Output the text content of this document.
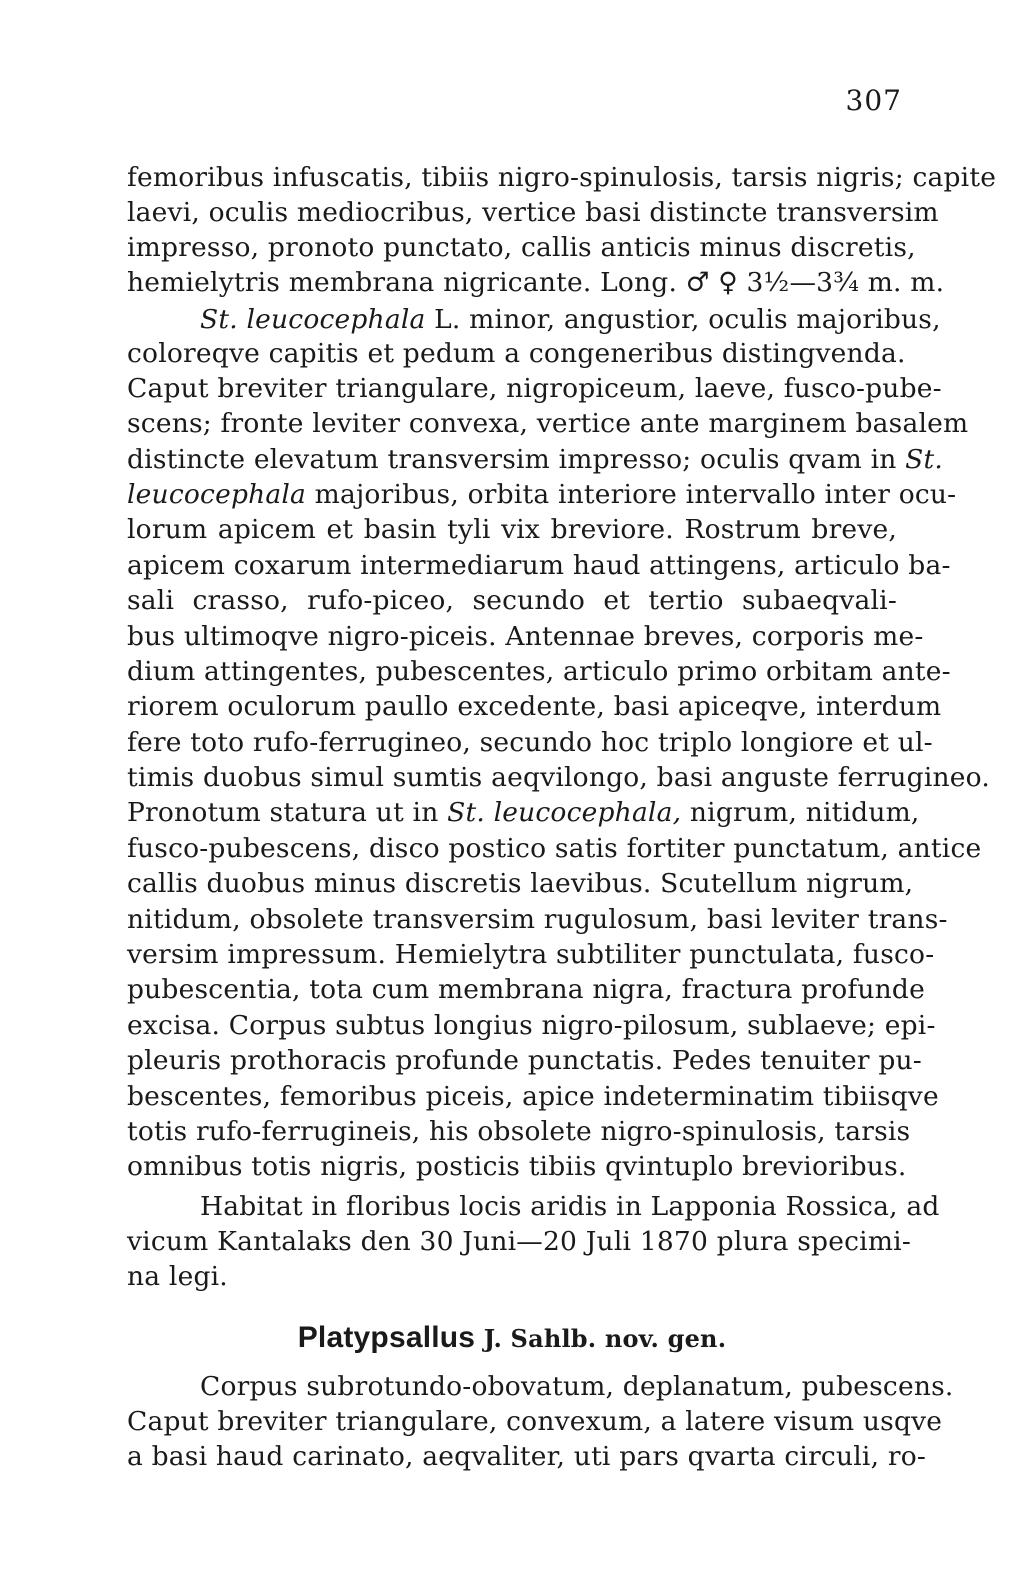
307
femoribus infuscatis, tibiis nigro-spinulosis, tarsis nigris; capite
laevi, oculis mediocribus, vertice basi distincte transversim
impresso, pronoto punctato, callis anticis minus discretis,
hemielytris membrana nigricante. Long. ♂ ♀ 3½—3¾ m. m.
St. leucocephala L. minor, angustior, oculis majoribus,
coloreqve capitis et pedum a congeneribus distingvenda.
Caput breviter triangulare, nigropiceum, laeve, fusco-pube-
scens; fronte leviter convexa, vertice ante marginem basalem
distincte elevatum transversim impresso; oculis qvam in St.
leucocephala majoribus, orbita interiore intervallo inter ocu-
lorum apicem et basin tyli vix breviore. Rostrum breve,
apicem coxarum intermediarum haud attingens, articulo ba-
sali crasso, rufo-piceo, secundo et tertio subaeqvali-
bus ultimoqve nigro-piceis. Antennae breves, corporis me-
dium attingentes, pubescentes, articulo primo orbitam ante-
riorem oculorum paullo excedente, basi apiceqve, interdum
fere toto rufo-ferrugineo, secundo hoc triplo longiore et ul-
timis duobus simul sumtis aeqvilongo, basi anguste ferrugineo.
Pronotum statura ut in St. leucocephala, nigrum, nitidum,
fusco-pubescens, disco postico satis fortiter punctatum, antice
callis duobus minus discretis laevibus. Scutellum nigrum,
nitidum, obsolete transversim rugulosum, basi leviter trans-
versim impressum. Hemielytra subtiliter punctulata, fusco-
pubescentia, tota cum membrana nigra, fractura profunde
excisa. Corpus subtus longius nigro-pilosum, sublaeve; epi-
pleuris prothoracis profunde punctatis. Pedes tenuiter pu-
bescentes, femoribus piceis, apice indeterminatim tibiisqve
totis rufo-ferrugineis, his obsolete nigro-spinulosis, tarsis
omnibus totis nigris, posticis tibiis qvintuplo brevioribus.
Habitat in floribus locis aridis in Lapponia Rossica, ad
vicum Kantalaks den 30 Juni—20 Juli 1870 plura specimi-
na legi.
Platypsallus J. Sahlb. nov. gen.
Corpus subrotundo-obovatum, deplanatum, pubescens.
Caput breviter triangulare, convexum, a latere visum usqve
a basi haud carinato, aeqvaliter, uti pars qvarta circuli, ro-
